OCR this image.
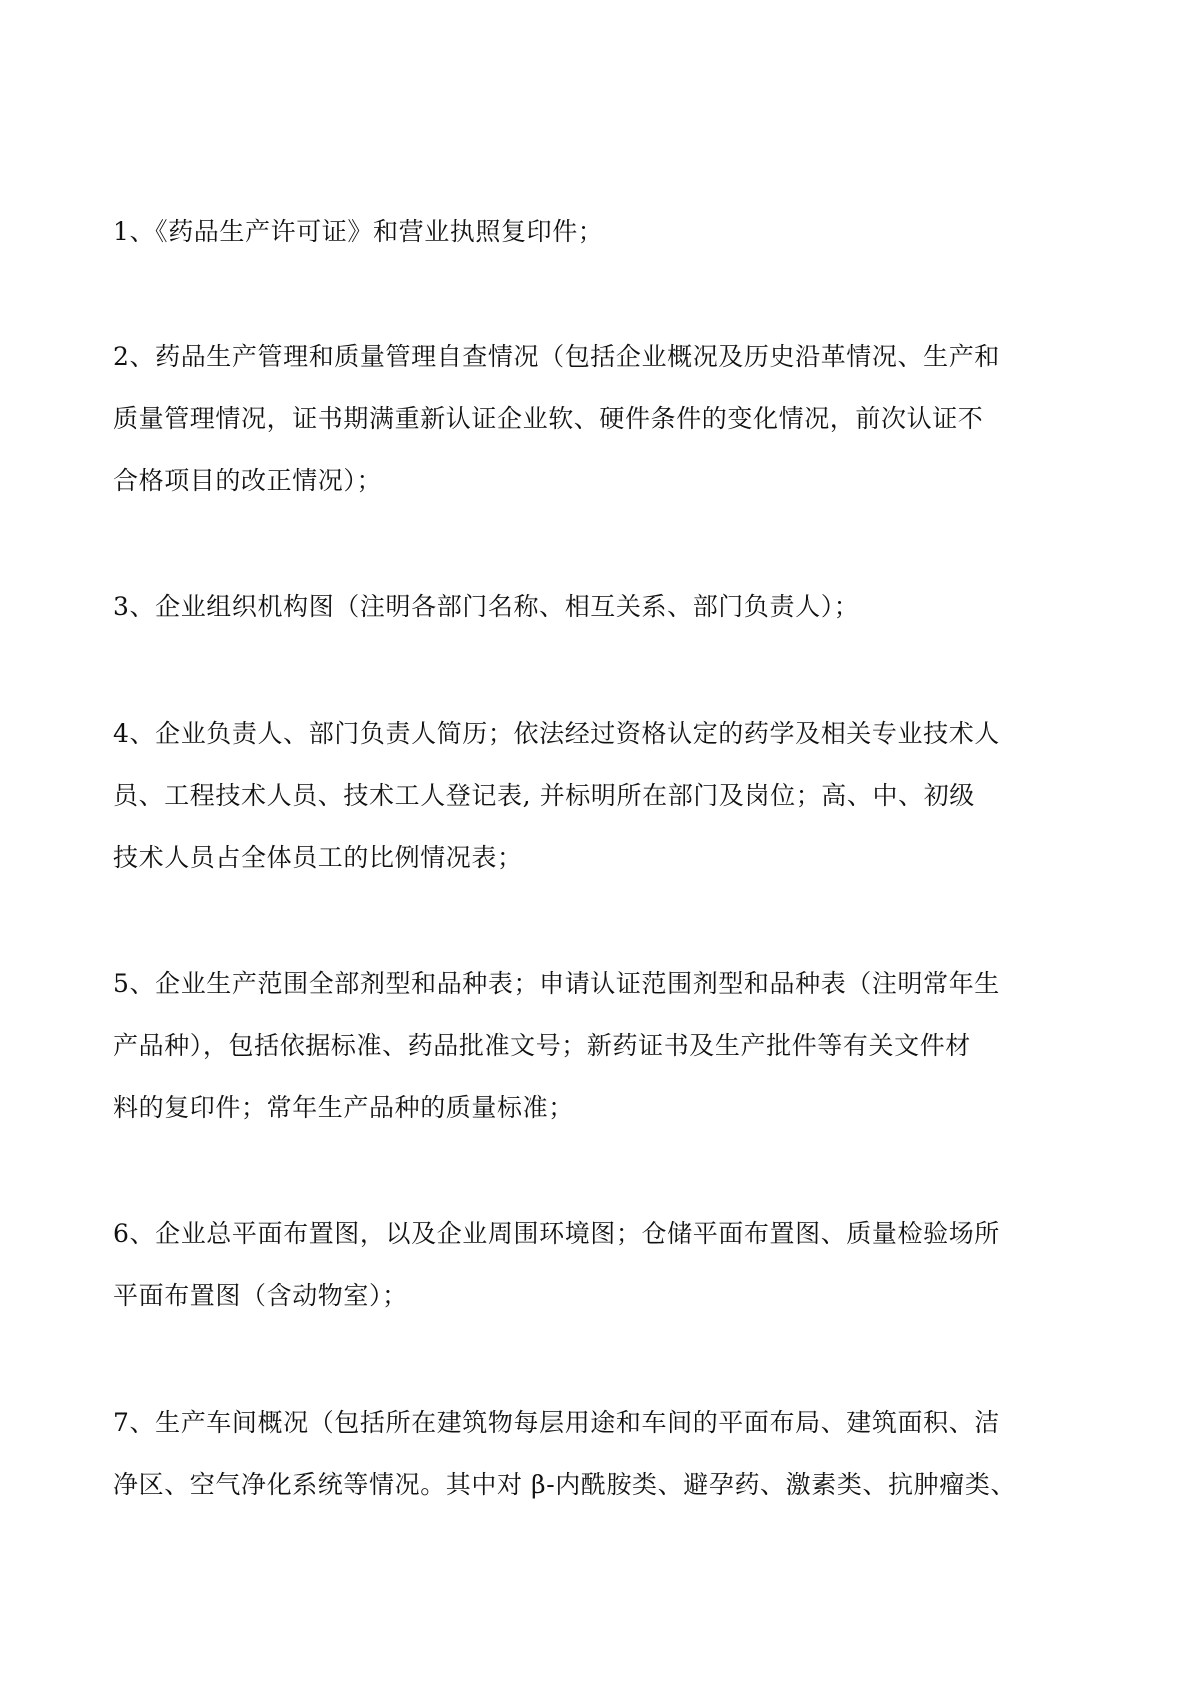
1、《药品生产许可证》和营业执照复印件；

2、药品生产管理和质量管理自查情况（包括企业概况及历史沿革情况、生产和
质量管理情况，证书期满重新认证企业软、硬件条件的变化情况，前次认证不
合格项目的改正情况）；

3、企业组织机构图（注明各部门名称、相互关系、部门负责人）；

4、企业负责人、部门负责人简历；依法经过资格认定的药学及相关专业技术人
员、工程技术人员、技术工人登记表, 并标明所在部门及岗位；高、中、初级
技术人员占全体员工的比例情况表；

5、企业生产范围全部剂型和品种表；申请认证范围剂型和品种表（注明常年生
产品种），包括依据标准、药品批准文号；新药证书及生产批件等有关文件材
料的复印件；常年生产品种的质量标准；

6、企业总平面布置图，以及企业周围环境图；仓储平面布置图、质量检验场所
平面布置图（含动物室）；

7、生产车间概况（包括所在建筑物每层用途和车间的平面布局、建筑面积、洁
净区、空气净化系统等情况。其中对 β-内酰胺类、避孕药、激素类、抗肿瘤类、
